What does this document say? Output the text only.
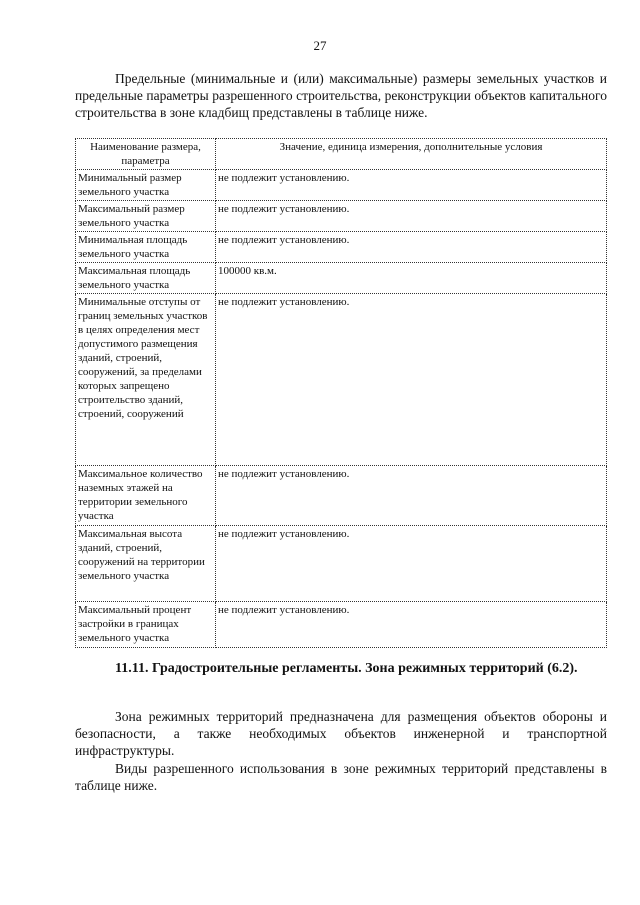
27

Предельные (минимальные и (или) максимальные) размеры земельных участков и предельные параметры разрешенного строительства, реконструкции объектов капитального строительства в зоне кладбищ представлены в таблице ниже.

Наименование размера, параметра	Значение, единица измерения, дополнительные условия
Минимальный размер земельного участка	не подлежит установлению.
Максимальный размер земельного участка	не подлежит установлению.
Минимальная площадь земельного участка	не подлежит установлению.
Максимальная площадь земельного участка	100000 кв.м.
Минимальные отступы от границ земельных участков в целях определения мест допустимого размещения зданий, строений, сооружений, за пределами которых запрещено строительство зданий, строений, сооружений	не подлежит установлению.
Максимальное количество наземных этажей на территории земельного участка	не подлежит установлению.
Максимальная высота зданий, строений, сооружений на территории земельного участка	не подлежит установлению.
Максимальный процент застройки в границах земельного участка	не подлежит установлению.

11.11. Градостроительные регламенты. Зона режимных территорий (6.2).

Зона режимных территорий предназначена для размещения объектов обороны и безопасности, а также необходимых объектов инженерной и транспортной инфраструктуры.

Виды разрешенного использования в зоне режимных территорий представлены в таблице ниже.
